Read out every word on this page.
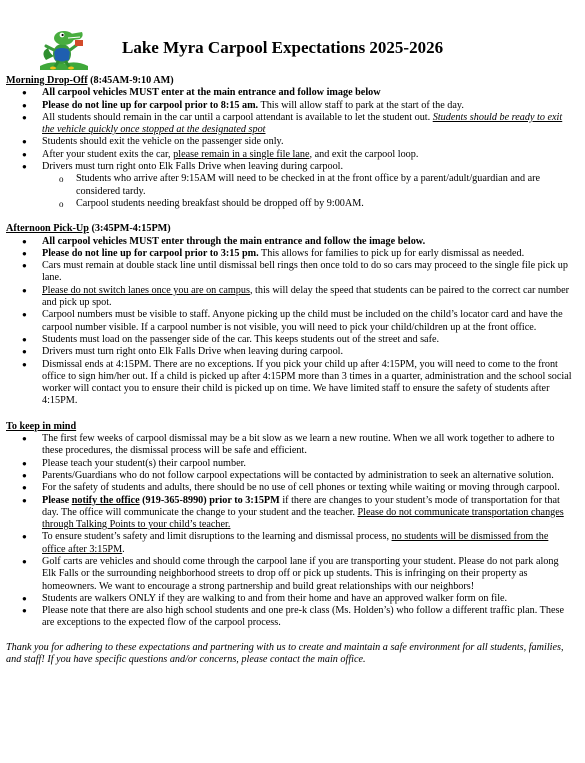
Lake Myra Carpool Expectations 2025-2026
Morning Drop-Off (8:45AM-9:10 AM)
● All carpool vehicles MUST enter at the main entrance and follow image below
● Please do not line up for carpool prior to 8:15 am. This will allow staff to park at the start of the day.
● All students should remain in the car until a carpool attendant is available to let the student out. Students should be ready to exit the vehicle quickly once stopped at the designated spot
● Students should exit the vehicle on the passenger side only.
● After your student exits the car, please remain in a single file lane, and exit the carpool loop.
● Drivers must turn right onto Elk Falls Drive when leaving during carpool.
o Students who arrive after 9:15AM will need to be checked in at the front office by a parent/adult/guardian and are considered tardy.
o Carpool students needing breakfast should be dropped off by 9:00AM.
Afternoon Pick-Up (3:45PM-4:15PM)
● All carpool vehicles MUST enter through the main entrance and follow the image below.
● Please do not line up for carpool prior to 3:15 pm. This allows for families to pick up for early dismissal as needed.
● Cars must remain at double stack line until dismissal bell rings then once told to do so cars may proceed to the single file pick up lane.
● Please do not switch lanes once you are on campus, this will delay the speed that students can be paired to the correct car number and pick up spot.
● Carpool numbers must be visible to staff. Anyone picking up the child must be included on the child’s locator card and have the carpool number visible. If a carpool number is not visible, you will need to pick your child/children up at the front office.
● Students must load on the passenger side of the car. This keeps students out of the street and safe.
● Drivers must turn right onto Elk Falls Drive when leaving during carpool.
● Dismissal ends at 4:15PM. There are no exceptions. If you pick your child up after 4:15PM, you will need to come to the front office to sign him/her out. If a child is picked up after 4:15PM more than 3 times in a quarter, administration and the school social worker will contact you to ensure their child is picked up on time. We have limited staff to ensure the safety of students after 4:15PM.
To keep in mind
● The first few weeks of carpool dismissal may be a bit slow as we learn a new routine. When we all work together to adhere to these procedures, the dismissal process will be safe and efficient.
● Please teach your student(s) their carpool number.
● Parents/Guardians who do not follow carpool expectations will be contacted by administration to seek an alternative solution.
● For the safety of students and adults, there should be no use of cell phones or texting while waiting or moving through carpool.
● Please notify the office (919-365-8990) prior to 3:15PM if there are changes to your student’s mode of transportation for that day. The office will communicate the change to your student and the teacher. Please do not communicate transportation changes through Talking Points to your child’s teacher.
● To ensure student’s safety and limit disruptions to the learning and dismissal process, no students will be dismissed from the office after 3:15PM.
● Golf carts are vehicles and should come through the carpool lane if you are transporting your student. Please do not park along Elk Falls or the surrounding neighborhood streets to drop off or pick up students. This is infringing on their property as homeowners. We want to encourage a strong partnership and build great relationships with our neighbors!
● Students are walkers ONLY if they are walking to and from their home and have an approved walker form on file.
● Please note that there are also high school students and one pre-k class (Ms. Holden’s) who follow a different traffic plan. These are exceptions to the expected flow of the carpool process.
Thank you for adhering to these expectations and partnering with us to create and maintain a safe environment for all students, families, and staff! If you have specific questions and/or concerns, please contact the main office.
